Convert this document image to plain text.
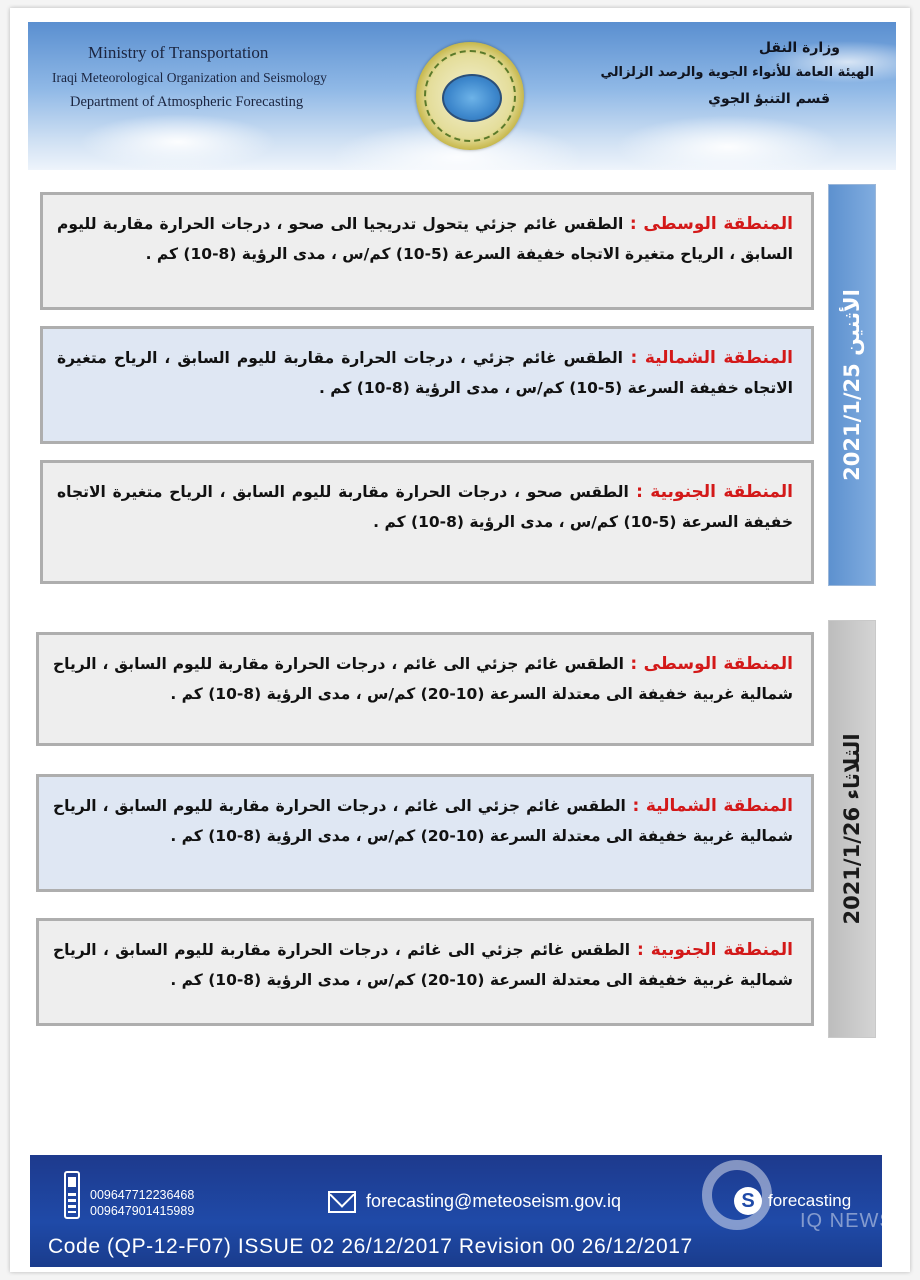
Ministry of Transportation
Iraqi Meteorological Organization and Seismology
Department of Atmospheric Forecasting
وزارة النقل
الهيئة العامة للأنواء الجوية والرصد الزلزالي
قسم التنبؤ الجوي

المنطقة الوسطى : الطقس غائم جزئي يتحول تدريجيا الى صحو ، درجات الحرارة مقاربة لليوم السابق ، الرياح متغيرة الاتجاه خفيفة السرعة (5-10) كم/س ، مدى الرؤية (8-10) كم .

المنطقة الشمالية : الطقس غائم جزئي ، درجات الحرارة مقاربة لليوم السابق ، الرياح متغيرة الاتجاه خفيفة السرعة (5-10) كم/س ، مدى الرؤية (8-10) كم .

المنطقة الجنوبية : الطقس صحو ، درجات الحرارة مقاربة لليوم السابق ، الرياح متغيرة الاتجاه خفيفة السرعة (5-10) كم/س ، مدى الرؤية (8-10) كم .

الأثنين 2021/1/25

المنطقة الوسطى : الطقس غائم جزئي الى غائم ، درجات الحرارة مقاربة لليوم السابق ، الرياح شمالية غربية خفيفة الى معتدلة السرعة (10-20) كم/س ، مدى الرؤية (8-10) كم .

المنطقة الشمالية : الطقس غائم جزئي الى غائم ، درجات الحرارة مقاربة لليوم السابق ، الرياح شمالية غربية خفيفة الى معتدلة السرعة (10-20) كم/س ، مدى الرؤية (8-10) كم .

المنطقة الجنوبية : الطقس غائم جزئي الى غائم ، درجات الحرارة مقاربة لليوم السابق ، الرياح شمالية غربية خفيفة الى معتدلة السرعة (10-20) كم/س ، مدى الرؤية (8-10) كم .

الثلاثاء 2021/1/26
009647712236468
009647901415989	forecasting@meteoseism.gov.iq	S forecasting
Code (QP-12-F07) ISSUE 02 26/12/2017 Revision 00 26/12/2017
IQ NEWS
